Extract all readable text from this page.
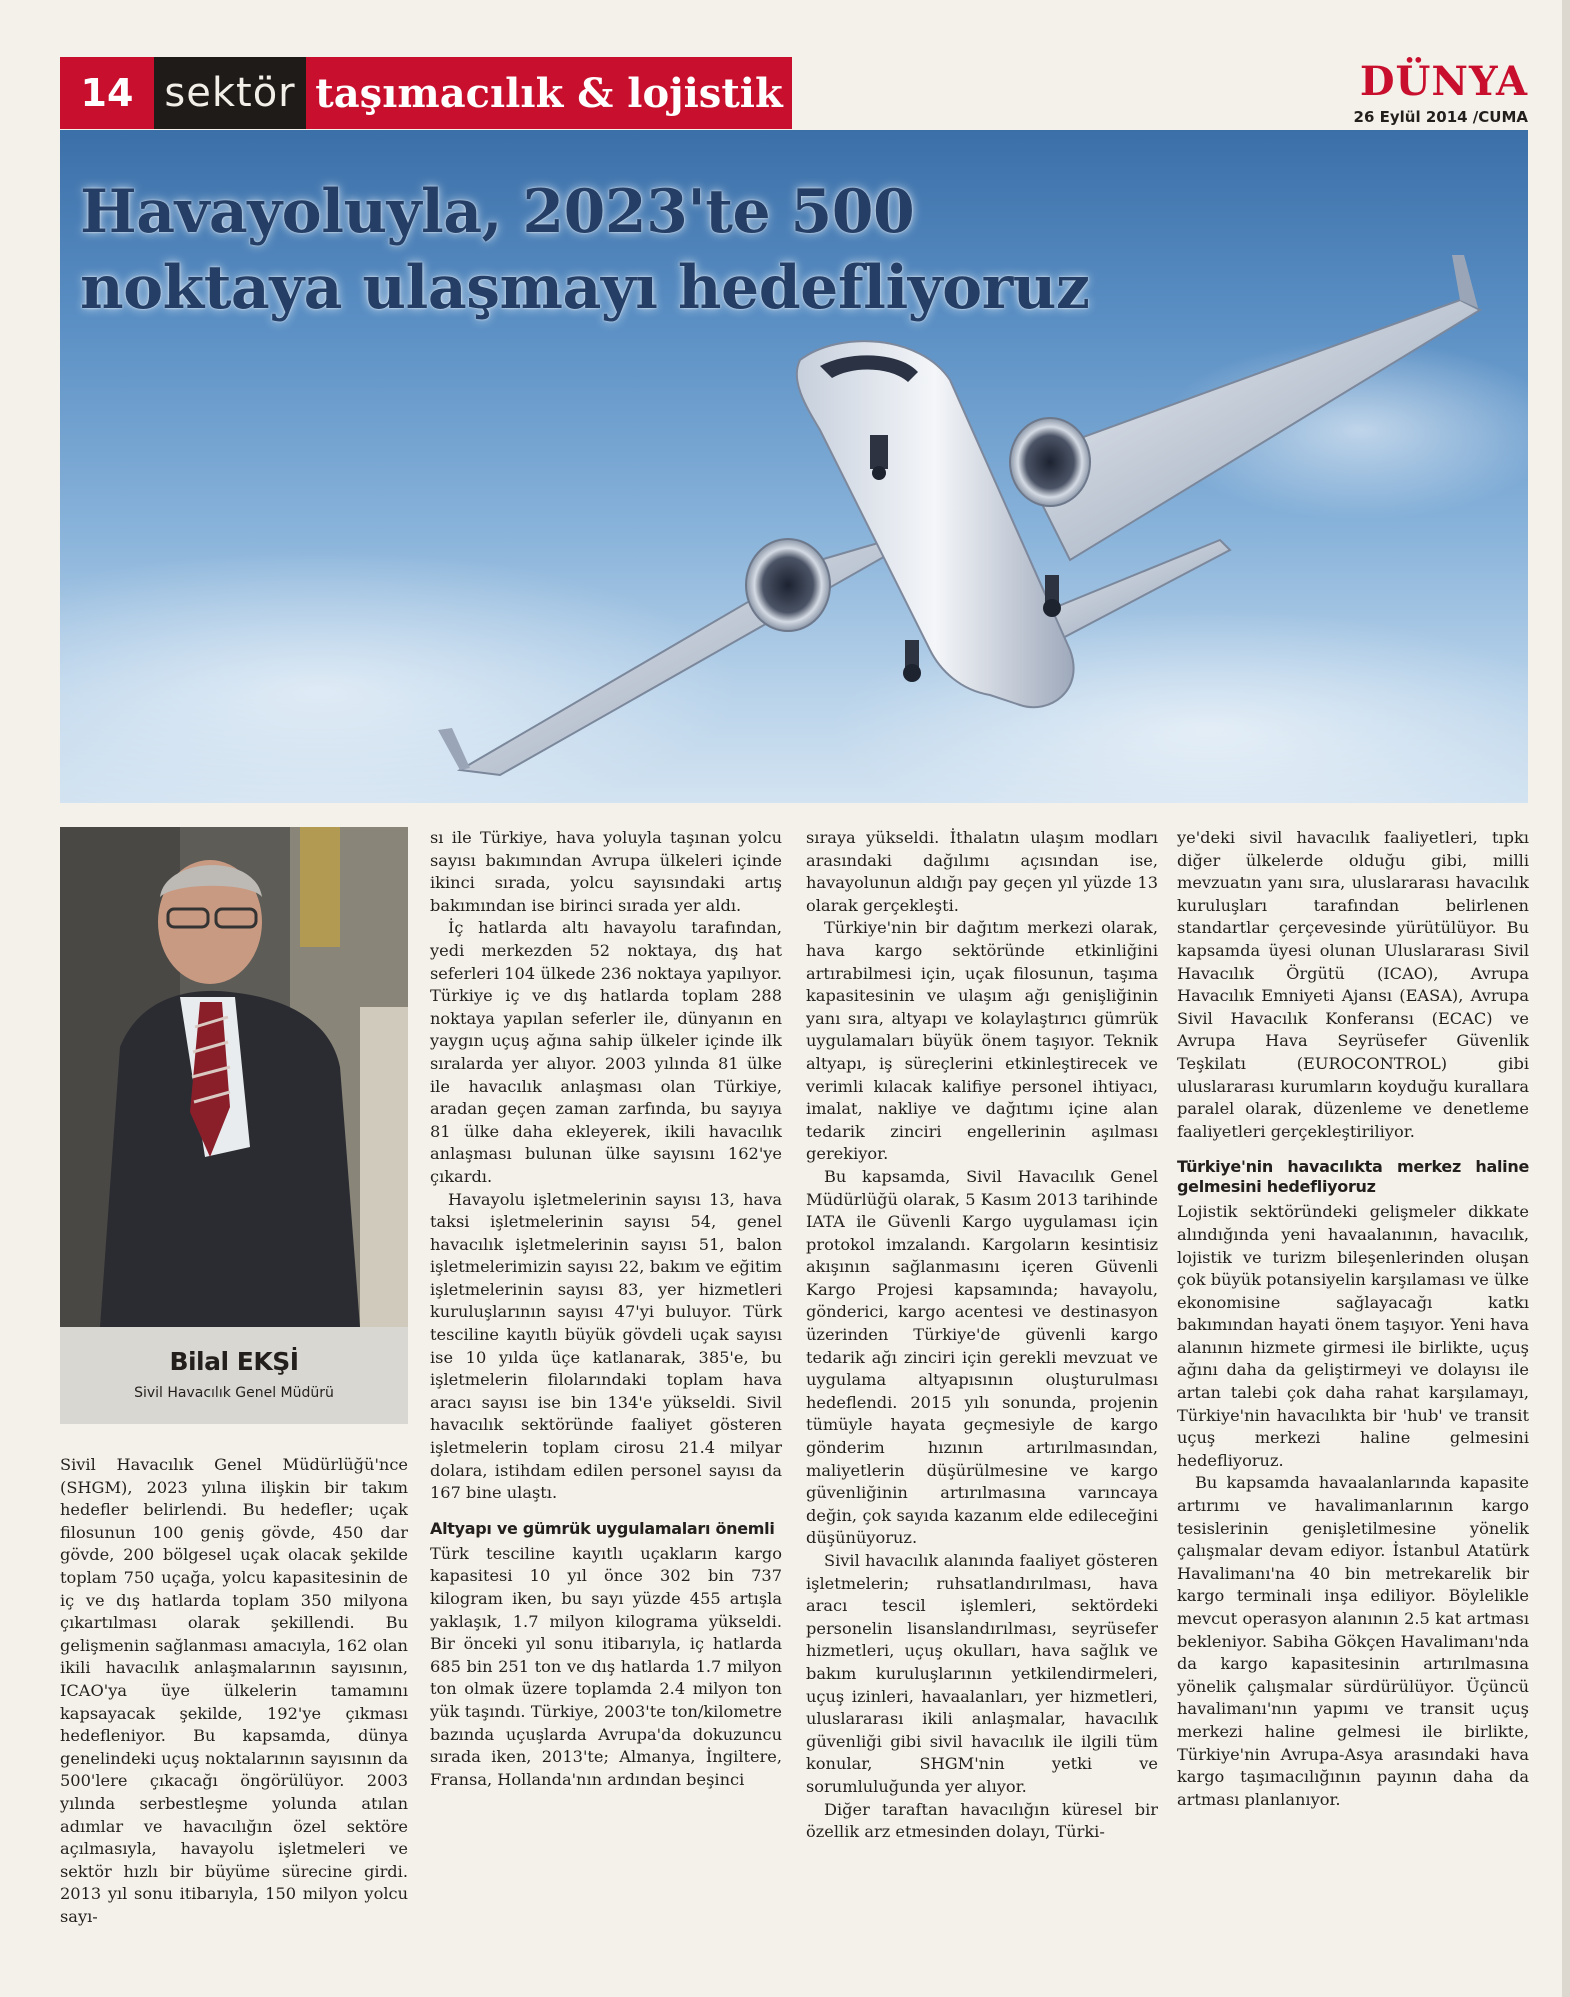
14 sektör taşımacılık & lojistik	DÜNYA
26 Eylül 2014 /CUMA
Havayoluyla, 2023'te 500
noktaya ulaşmayı hedefliyoruz
Bilal EKŞİ
Sivil Havacılık Genel Müdürü

Sivil Havacılık Genel Müdürlüğü'nce (SHGM), 2023 yılına ilişkin bir takım hedefler belirlendi. Bu hedefler; uçak filosunun 100 geniş gövde, 450 dar gövde, 200 bölgesel uçak olacak şekilde toplam 750 uçağa, yolcu kapasitesinin de iç ve dış hatlarda toplam 350 milyona çıkartılması olarak şekillendi. Bu gelişmenin sağlanması amacıyla, 162 olan ikili havacılık anlaşmalarının sayısının, ICAO'ya üye ülkelerin tamamını kapsayacak şekilde, 192'ye çıkması hedefleniyor. Bu kapsamda, dünya genelindeki uçuş noktalarının sayısının da 500'lere çıkacağı öngörülüyor. 2003 yılında serbestleşme yolunda atılan adımlar ve havacılığın özel sektöre açılmasıyla, havayolu işletmeleri ve sektör hızlı bir büyüme sürecine girdi. 2013 yıl sonu itibarıyla, 150 milyon yolcu sayı-

sı ile Türkiye, hava yoluyla taşınan yolcu sayısı bakımından Avrupa ülkeleri içinde ikinci sırada, yolcu sayısındaki artış bakımından ise birinci sırada yer aldı.

İç hatlarda altı havayolu tarafından, yedi merkezden 52 noktaya, dış hat seferleri 104 ülkede 236 noktaya yapılıyor. Türkiye iç ve dış hatlarda toplam 288 noktaya yapılan seferler ile, dünyanın en yaygın uçuş ağına sahip ülkeler içinde ilk sıralarda yer alıyor. 2003 yılında 81 ülke ile havacılık anlaşması olan Türkiye, aradan geçen zaman zarfında, bu sayıya 81 ülke daha ekleyerek, ikili havacılık anlaşması bulunan ülke sayısını 162'ye çıkardı.

Havayolu işletmelerinin sayısı 13, hava taksi işletmelerinin sayısı 54, genel havacılık işletmelerinin sayısı 51, balon işletmelerimizin sayısı 22, bakım ve eğitim işletmelerinin sayısı 83, yer hizmetleri kuruluşlarının sayısı 47'yi buluyor. Türk tesciline kayıtlı büyük gövdeli uçak sayısı ise 10 yılda üçe katlanarak, 385'e, bu işletmelerin filolarındaki toplam hava aracı sayısı ise bin 134'e yükseldi. Sivil havacılık sektöründe faaliyet gösteren işletmelerin toplam cirosu 21.4 milyar dolara, istihdam edilen personel sayısı da 167 bine ulaştı.

Altyapı ve gümrük uygulamaları önemli

Türk tesciline kayıtlı uçakların kargo kapasitesi 10 yıl önce 302 bin 737 kilogram iken, bu sayı yüzde 455 artışla yaklaşık, 1.7 milyon kilograma yükseldi. Bir önceki yıl sonu itibarıyla, iç hatlarda 685 bin 251 ton ve dış hatlarda 1.7 milyon ton olmak üzere toplamda 2.4 milyon ton yük taşındı. Türkiye, 2003'te ton/kilometre bazında uçuşlarda Avrupa'da dokuzuncu sırada iken, 2013'te; Almanya, İngiltere, Fransa, Hollanda'nın ardından beşinci

sıraya yükseldi. İthalatın ulaşım modları arasındaki dağılımı açısından ise, havayolunun aldığı pay geçen yıl yüzde 13 olarak gerçekleşti.

Türkiye'nin bir dağıtım merkezi olarak, hava kargo sektöründe etkinliğini artırabilmesi için, uçak filosunun, taşıma kapasitesinin ve ulaşım ağı genişliğinin yanı sıra, altyapı ve kolaylaştırıcı gümrük uygulamaları büyük önem taşıyor. Teknik altyapı, iş süreçlerini etkinleştirecek ve verimli kılacak kalifiye personel ihtiyacı, imalat, nakliye ve dağıtımı içine alan tedarik zinciri engellerinin aşılması gerekiyor.

Bu kapsamda, Sivil Havacılık Genel Müdürlüğü olarak, 5 Kasım 2013 tarihinde IATA ile Güvenli Kargo uygulaması için protokol imzalandı. Kargoların kesintisiz akışının sağlanmasını içeren Güvenli Kargo Projesi kapsamında; havayolu, gönderici, kargo acentesi ve destinasyon üzerinden Türkiye'de güvenli kargo tedarik ağı zinciri için gerekli mevzuat ve uygulama altyapısının oluşturulması hedeflendi. 2015 yılı sonunda, projenin tümüyle hayata geçmesiyle de kargo gönderim hızının artırılmasından, maliyetlerin düşürülmesine ve kargo güvenliğinin artırılmasına varıncaya değin, çok sayıda kazanım elde edileceğini düşünüyoruz.

Sivil havacılık alanında faaliyet gösteren işletmelerin; ruhsatlandırılması, hava aracı tescil işlemleri, sektördeki personelin lisanslandırılması, seyrüsefer hizmetleri, uçuş okulları, hava sağlık ve bakım kuruluşlarının yetkilendirmeleri, uçuş izinleri, havaalanları, yer hizmetleri, uluslararası ikili anlaşmalar, havacılık güvenliği gibi sivil havacılık ile ilgili tüm konular, SHGM'nin yetki ve sorumluluğunda yer alıyor.

Diğer taraftan havacılığın küresel bir özellik arz etmesinden dolayı, Türki-

ye'deki sivil havacılık faaliyetleri, tıpkı diğer ülkelerde olduğu gibi, milli mevzuatın yanı sıra, uluslararası havacılık kuruluşları tarafından belirlenen standartlar çerçevesinde yürütülüyor. Bu kapsamda üyesi olunan Uluslararası Sivil Havacılık Örgütü (ICAO), Avrupa Havacılık Emniyeti Ajansı (EASA), Avrupa Sivil Havacılık Konferansı (ECAC) ve Avrupa Hava Seyrüsefer Güvenlik Teşkilatı (EUROCONTROL) gibi uluslararası kurumların koyduğu kurallara paralel olarak, düzenleme ve denetleme faaliyetleri gerçekleştiriliyor.

Türkiye'nin havacılıkta merkez haline gelmesini hedefliyoruz

Lojistik sektöründeki gelişmeler dikkate alındığında yeni havaalanının, havacılık, lojistik ve turizm bileşenlerinden oluşan çok büyük potansiyelin karşılaması ve ülke ekonomisine sağlayacağı katkı bakımından hayati önem taşıyor. Yeni hava alanının hizmete girmesi ile birlikte, uçuş ağını daha da geliştirmeyi ve dolayısı ile artan talebi çok daha rahat karşılamayı, Türkiye'nin havacılıkta bir 'hub' ve transit uçuş merkezi haline gelmesini hedefliyoruz.

Bu kapsamda havaalanlarında kapasite artırımı ve havalimanlarının kargo tesislerinin genişletilmesine yönelik çalışmalar devam ediyor. İstanbul Atatürk Havalimanı'na 40 bin metrekarelik bir kargo terminali inşa ediliyor. Böylelikle mevcut operasyon alanının 2.5 kat artması bekleniyor. Sabiha Gökçen Havalimanı'nda da kargo kapasitesinin artırılmasına yönelik çalışmalar sürdürülüyor. Üçüncü havalimanı'nın yapımı ve transit uçuş merkezi haline gelmesi ile birlikte, Türkiye'nin Avrupa-Asya arasındaki hava kargo taşımacılığının payının daha da artması planlanıyor.
